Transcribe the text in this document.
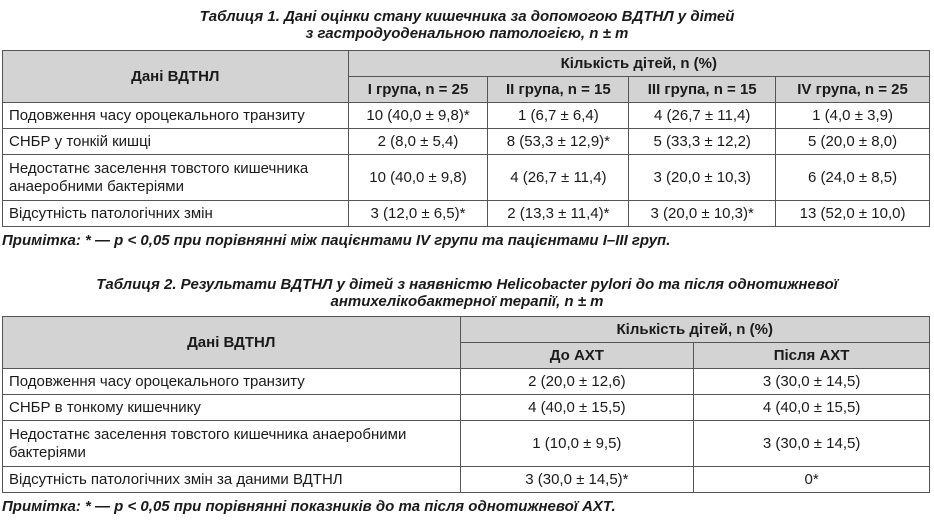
Таблиця 1. Дані оцінки стану кишечника за допомогою ВДТНЛ у дітей
з гастродуоденальною патологією, n ± m
Дані ВДТНЛ	Кількість дітей, n (%)			
	І група, n = 25	ІІ група, n = 15	ІІІ група, n = 15	ІV група, n = 25
Подовження часу ороцекального транзиту	10 (40,0 ± 9,8)*	1 (6,7 ± 6,4)	4 (26,7 ± 11,4)	1 (4,0 ± 3,9)
СНБР у тонкій кишці	2 (8,0 ± 5,4)	8 (53,3 ± 12,9)*	5 (33,3 ± 12,2)	5 (20,0 ± 8,0)

Недостатнє заселення товстого кишечника
анаеробними бактеріями	10 (40,0 ± 9,8)	4 (26,7 ± 11,4)	3 (20,0 ± 10,3)	6 (24,0 ± 8,5)
Відсутність патологічних змін	3 (12,0 ± 6,5)*	2 (13,3 ± 11,4)*	3 (20,0 ± 10,3)*	13 (52,0 ± 10,0)
Примітка: * — р < 0,05 при порівнянні між пацієнтами IV групи та пацієнтами I–III груп.
Таблиця 2. Результати ВДТНЛ у дітей з наявністю Helicobacter pylori до та після однотижневої
антихелікобактерної терапії, n ± m
Дані ВДТНЛ	Кількість дітей, n (%)	
	До АХТ	Після АХТ
Подовження часу ороцекального транзиту	2 (20,0 ± 12,6)	3 (30,0 ± 14,5)
СНБР в тонкому кишечнику	4 (40,0 ± 15,5)	4 (40,0 ± 15,5)

Недостатнє заселення товстого кишечника анаеробними
бактеріями	1 (10,0 ± 9,5)	3 (30,0 ± 14,5)
Відсутність патологічних змін за даними ВДТНЛ	3 (30,0 ± 14,5)*	0*
Примітка: * — р < 0,05 при порівнянні показників до та після однотижневої АХТ.
